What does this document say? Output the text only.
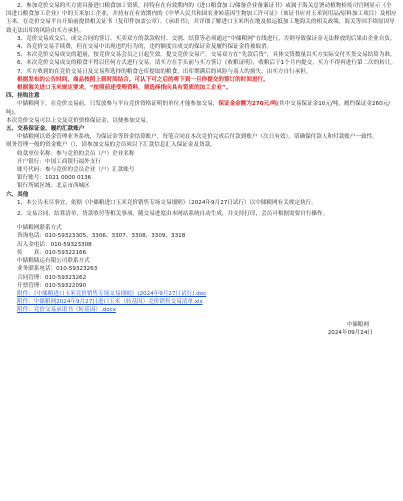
2、参加竞价交易的买方需具备进口粮食加工资质，持特有在有效期内的《进口粮食加工/储备企业备案证书》或属于海关总署动植物检疫司官网显示《全国进口粮食加工企业》中的玉米加工企业，并持有在有效期内的《中华人民共和国农业转基因生物加工许可证》（该证书应对玉米饲用品/原料加工项目）及相应玉米。在竞价交易平台开始前提供相关证书（复印件加盖公章）、《承诺书》，并详细了解进口玉米所在地及拟运抵加工地海关的相关政策，海关等因手续原因导致无法出库的风险由买方承担。

3、竞价交易成交后，成交合同的签订、买卖双方的款款收付、交割、结算等必须通过“中储粮网”在线进行，否则导致保证金无法释放的后果由企业自负。

4、各竞价交易手续费，但在交易中出现违约行为的，违约额度自成交的保证金及履约保证金将被取消。

5、本次竞价交易成交的超量，按竞价交易会员之日起生效。提交竞价交易产，交易双方在“先款后货”，具体交货数量以买方实际交付买货交易结算为准。

6、本次竞价交易成交的粮食不得以任何方式进行交易，请买方在手头前与买方签订《收粮证明》，收粮后于1个月内提交，买方不得再进行第二次的转让。

7、买方收到的在竞价交易日及交易所选择的粮食仓库提取的粮食，出库期满后的风险与商人的损失，由买方自行承担。

根据发布的公告时间，商品按照上到时间结合。可认下可之后的将下到一旦你提交的签订的时间进行。

根据海关进口玉米规定要求，“按照前述受理资料，须选择指向具有资质的加工企业”。

四、挂钩注意

中储粮网下，在竞价交易前，只发放参与平台竞价资格证明的单位才能参加交易，保证金金额为270元/吨(其中交易保证金10元/吨，履约保证金260元/吨)。

本次竞价交易可以上交及竞价资格保证金，以便参加交易。

五、交易保证金、履约汇款账户

中储粮网以资金管理业务系统，为保证金等资金结算账户，每笔合同在本次竞价完成后付款到账户（次日有效），请确保付款人和付款账户一致性。

财务管理一般的资金账户（），请参加交易的会员须以下汇款信息汇入保证金及货款。

收款单位名称：参与竞价的会员（户）企业名称

开户银行：中国工商银行福外支行

账号代码：参与竞价的会员企业（户）汇款账号

银行账号：1021 0000 0136

银行所属区域：北京市西城区

六、其他

1、本公告未尽事宜，依据《中储粮进口玉米竞价销售专场交易细则》（2024年9月27日试行）以中储粮网有关规定执行。

2、交易合同、结算清单、货款收付等相关事项，随交易进度由本网站系统自动生成，并支持打印，会员可根据需要自行操作。

中储粮网联系方式

咨询电话：010-59323305、3306、3307、3308、3309、3318

出入金电话：010-59323308

传　　真：010-59322166

中储粮储运有限公司联系方式

业务联系电话：010-59323263

合同管理：010-59323262

开票管理：010-59322090

附件：《中储粮进口玉米竞价销售专场交易细则》(2024年9月27日试行).doc

附件：中储粮网2024年9月27日进口玉米（转基因）竞价销售交易清单.xls

附件：竞价交易承诺书（转基因）.docx

中储粮网

2024年09月24日
